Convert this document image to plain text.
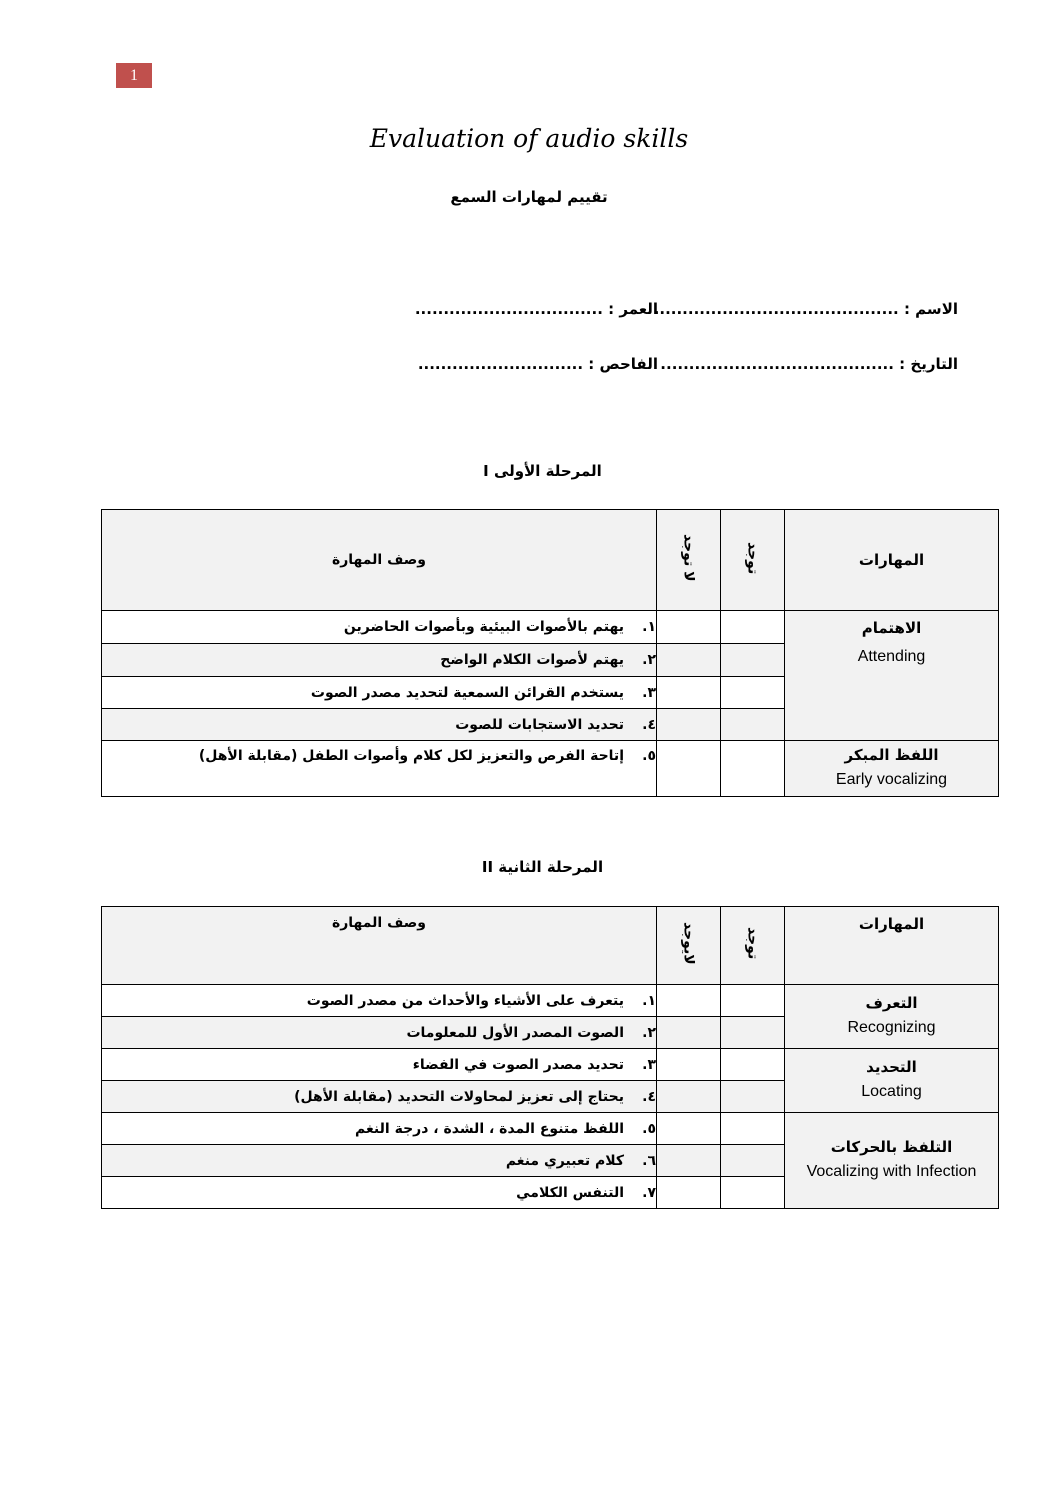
1
Evaluation of audio skills
تقييم لمهارات السمع
الاسم : ...........................................
العمر : .................................
التاريخ : .........................................
الفاحص : .............................
المرحلة الأولى I
المهارات	توجد	لا توجد	وصف المهارة

الاهتمام
Attending			١.يهتم بالأصوات البيئية وبأصوات الحاضرين
			٢.يهتم لأصوات الكلام الواضح
			٣.يستخدم القرائن السمعية لتحديد مصدر الصوت
			٤.تحديد الاستجابات للصوت

اللفظ المبكر
Early vocalizing			٥.إتاحة الفرص والتعزيز لكل كلام وأصوات الطفل (مقابلة الأهل)
المرحلة الثانية II
المهارات	توجد	لايوجد	وصف المهارة

التعرف
Recognizing			١.يتعرف على الأشياء والأحداث من مصدر الصوت
			٢.الصوت المصدر الأول للمعلومات

التحديد
Locating			٣.تحديد مصدر الصوت في الفضاء
			٤.يحتاج إلى تعزيز لمحاولات التحديد (مقابلة الأهل)

التلفظ بالحركات
Vocalizing with Infection			٥.اللفظ متنوع المدة ، الشدة ، درجة النغم
			٦.كلام تعبيري منغم
			٧.التنفس الكلامي
